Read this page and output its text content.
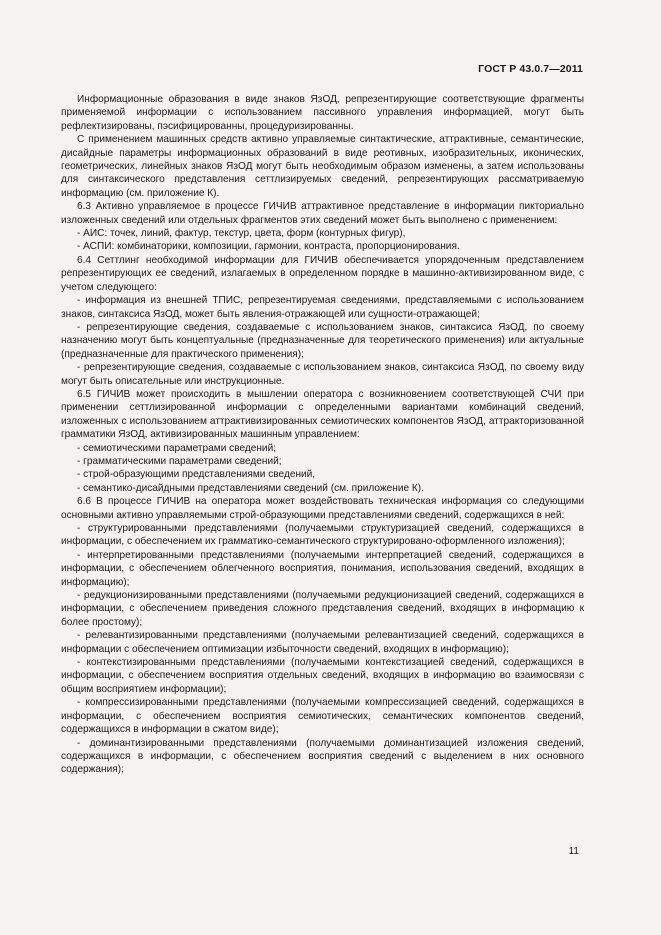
ГОСТ Р 43.0.7—2011

Информационные образования в виде знаков ЯзОД, репрезентирующие соответствующие фрагменты применяемой информации с использованием пассивного управления информацией, могут быть рефлектизированы, пэсифицированны, процедуризированны.

С применением машинных средств активно управляемые синтактические, аттрактивные, семантические, дисайдные параметры информационных образований в виде реотивных, изобразительных, иконических, геометрических, линейных знаков ЯзОД могут быть необходимым образом изменены, а затем использованы для синтаксического представления сеттлизируемых сведений, репрезентирующих рассматриваемую информацию (см. приложение К).

6.3 Активно управляемое в процессе ГИЧИВ аттрактивное представление в информации пикториально изложенных сведений или отдельных фрагментов этих сведений может быть выполнено с применением:

- АИС: точек, линий, фактур, текстур, цвета, форм (контурных фигур),

- АСПИ: комбинаторики, композиции, гармонии, контраста, пропорционирования.

6.4 Сеттлинг необходимой информации для ГИЧИВ обеспечивается упорядоченным представлением репрезентирующих ее сведений, излагаемых в определенном порядке в машинно-активизированном виде, с учетом следующего:

- информация из внешней ТПИС, репрезентируемая сведениями, представляемыми с использованием знаков, синтаксиса ЯзОД, может быть явления-отражающей или сущности-отражающей;

- репрезентирующие сведения, создаваемые с использованием знаков, синтаксиса ЯзОД, по своему назначению могут быть концептуальные (предназначенные для теоретического применения) или актуальные (предназначенные для практического применения);

- репрезентирующие сведения, создаваемые с использованием знаков, синтаксиса ЯзОД, по своему виду могут быть описательные или инструкционные.

6.5 ГИЧИВ может происходить в мышлении оператора с возникновением соответствующей СЧИ при применении сеттлизированной информации с определенными вариантами комбинаций сведений, изложенных с использованием аттрактивизированных семиотических компонентов ЯзОД, аттракторизованной грамматики ЯзОД, активизированных машинным управлением:

- семиотическими параметрами сведений;

- грамматическими параметрами сведений;

- строй-образующими представлениями сведений,

- семантико-дисайдными представлениями сведений (см. приложение К).

6.6 В процессе ГИЧИВ на оператора может воздействовать техническая информация со следующими основными активно управляемыми строй-образующими представлениями сведений, содержащихся в ней:

- структурированными представлениями (получаемыми структуризацией сведений, содержащихся в информации, с обеспечением их грамматико-семантического структурировано-оформленного изложения);

- интерпретированными представлениями (получаемыми интерпретацией сведений, содержащихся в информации, с обеспечением облегченного восприятия, понимания, использования сведений, входящих в информацию);

- редукционизированными представлениями (получаемыми редукционизацией сведений, содержащихся в информации, с обеспечением приведения сложного представления сведений, входящих в информацию к более простому);

- релевантизированными представлениями (получаемыми релевантизацией сведений, содержащихся в информации с обеспечением оптимизации избыточности сведений, входящих в информацию);

- контекстизированными представлениями (получаемыми контекстизацией сведений, содержащихся в информации, с обеспечением восприятия отдельных сведений, входящих в информацию во взаимосвязи с общим восприятием информации);

- компрессизированными представлениями (получаемыми компрессизацией сведений, содержащихся в информации, с обеспечением восприятия семиотических, семантических компонентов сведений, содержащихся в информации в сжатом виде);

- доминантизированными представлениями (получаемыми доминантизацией изложения сведений, содержащихся в информации, с обеспечением восприятия сведений с выделением в них основного содержания);

11
